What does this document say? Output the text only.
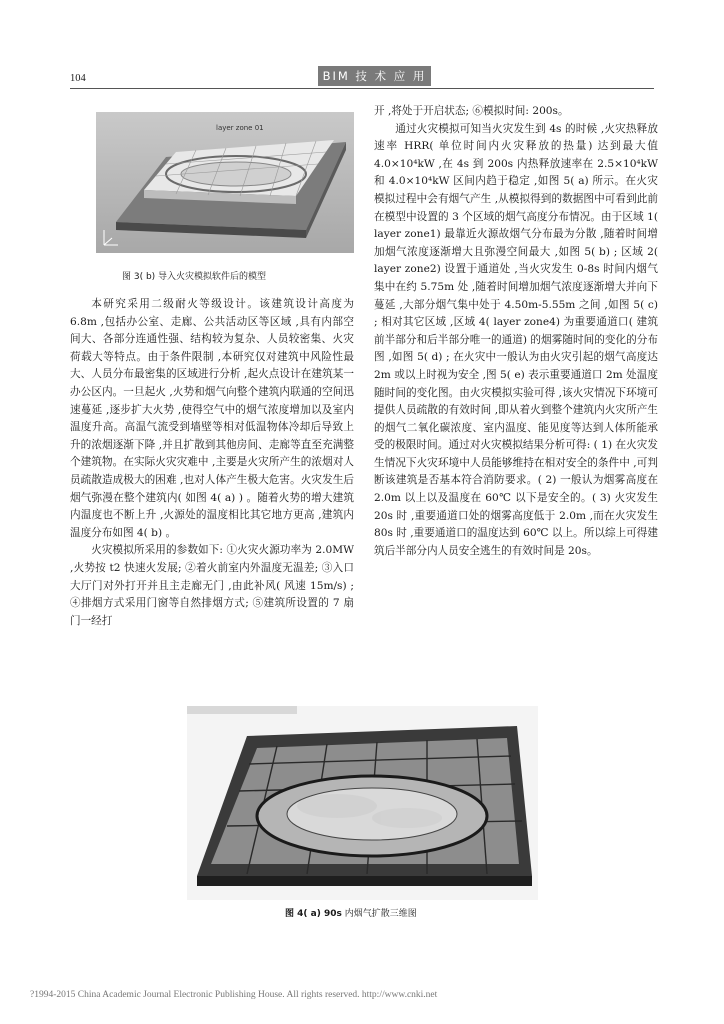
104	BIM 技 术 应 用
layer zone 01
图 3( b) 导入火灾模拟软件后的模型

本研究采用二级耐火等级设计。该建筑设计高度为 6.8m ,包括办公室、走廊、公共活动区等区域 ,具有内部空间大、各部分连通性强、结构较为复杂、人员较密集、火灾荷载大等特点。由于条件限制 ,本研究仅对建筑中风险性最大、人员分布最密集的区域进行分析 ,起火点设计在建筑某一办公区内。一旦起火 ,火势和烟气向整个建筑内联通的空间迅速蔓延 ,逐步扩大火势 ,使得空气中的烟气浓度增加以及室内温度升高。高温气流受到墙壁等相对低温物体冷却后导致上升的浓烟逐渐下降 ,并且扩散到其他房间、走廊等直至充满整个建筑物。在实际火灾灾难中 ,主要是火灾所产生的浓烟对人员疏散造成极大的困难 ,也对人体产生极大危害。火灾发生后烟气弥漫在整个建筑内( 如图 4( a) ) 。随着火势的增大建筑内温度也不断上升 ,火源处的温度相比其它地方更高 ,建筑内温度分布如图 4( b) 。

火灾模拟所采用的参数如下: ①火灾火源功率为 2.0MW ,火势按 t2 快速火发展; ②着火前室内外温度无温差; ③入口大厅门对外打开并且主走廊无门 ,由此补风( 风速 15m/s) ; ④排烟方式采用门窗等自然排烟方式; ⑤建筑所设置的 7 扇门一经打

开 ,将处于开启状态; ⑥模拟时间: 200s。

通过火灾模拟可知当火灾发生到 4s 的时候 ,火灾热释放速率 HRR( 单位时间内火灾释放的热量) 达到最大值 4.0×10⁴kW ,在 4s 到 200s 内热释放速率在 2.5×10⁴kW 和 4.0×10⁴kW 区间内趋于稳定 ,如图 5( a) 所示。在火灾模拟过程中会有烟气产生 ,从模拟得到的数据图中可看到此前在模型中设置的 3 个区域的烟气高度分布情况。由于区域 1( layer zone1) 最靠近火源故烟气分布最为分散 ,随着时间增加烟气浓度逐渐增大且弥漫空间最大 ,如图 5( b) ; 区域 2( layer zone2) 设置于通道处 ,当火灾发生 0-8s 时间内烟气集中在约 5.75m 处 ,随着时间增加烟气浓度逐渐增大并向下蔓延 ,大部分烟气集中处于 4.50m-5.55m 之间 ,如图 5( c) ; 相对其它区域 ,区域 4( layer zone4) 为重要通道口( 建筑前半部分和后半部分唯一的通道) 的烟雾随时间的变化的分布图 ,如图 5( d) ; 在火灾中一般认为由火灾引起的烟气高度达 2m 或以上时视为安全 ,图 5( e) 表示重要通道口 2m 处温度随时间的变化图。由火灾模拟实验可得 ,该火灾情况下环境可提供人员疏散的有效时间 ,即从着火到整个建筑内火灾所产生的烟气二氧化碳浓度、室内温度、能见度等达到人体所能承受的极限时间。通过对火灾模拟结果分析可得: ( 1) 在火灾发生情况下火灾环境中人员能够维持在相对安全的条件中 ,可判断该建筑是否基本符合消防要求。( 2) 一般认为烟雾高度在 2.0m 以上以及温度在 60℃ 以下是安全的。( 3) 火灾发生 20s 时 ,重要通道口处的烟雾高度低于 2.0m ,而在火灾发生 80s 时 ,重要通道口的温度达到 60℃ 以上。所以综上可得建筑后半部分内人员安全逃生的有效时间是 20s。

图 4( a) 90s 内烟气扩散三维图
?1994-2015 China Academic Journal Electronic Publishing House. All rights reserved. http://www.cnki.net
